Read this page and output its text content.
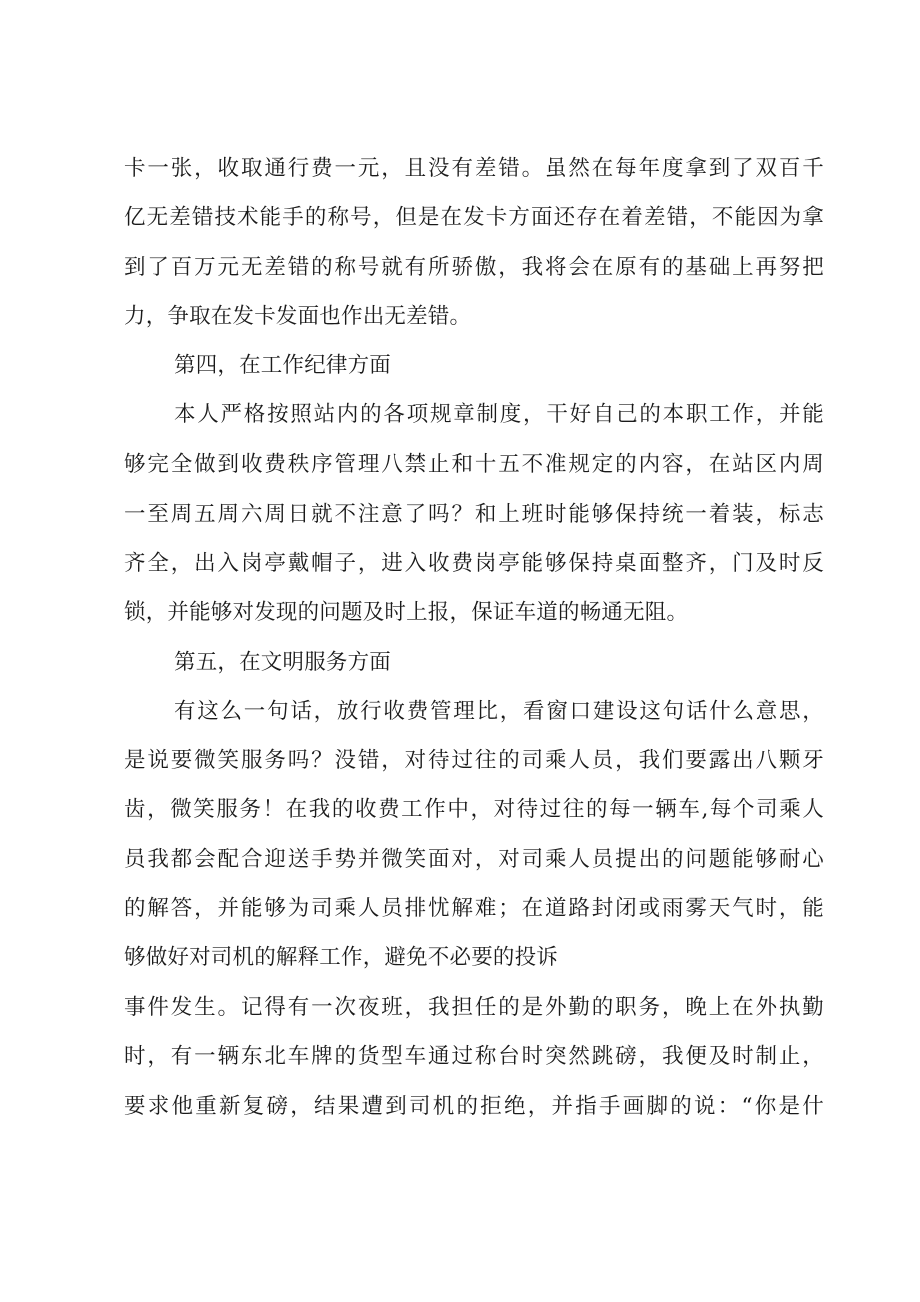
卡一张，收取通行费一元，且没有差错。虽然在每年度拿到了双百千
亿无差错技术能手的称号，但是在发卡方面还存在着差错，不能因为拿
到了百万元无差错的称号就有所骄傲，我将会在原有的基础上再努把
力，争取在发卡发面也作出无差错。
第四，在工作纪律方面
本人严格按照站内的各项规章制度，干好自己的本职工作，并能
够完全做到收费秩序管理八禁止和十五不准规定的内容，在站区内周
一至周五周六周日就不注意了吗？和上班时能够保持统一着装，标志
齐全，出入岗亭戴帽子，进入收费岗亭能够保持桌面整齐，门及时反
锁，并能够对发现的问题及时上报，保证车道的畅通无阻。
第五，在文明服务方面
有这么一句话，放行收费管理比，看窗口建设这句话什么意思，
是说要微笑服务吗？没错，对待过往的司乘人员，我们要露出八颗牙
齿，微笑服务！在我的收费工作中，对待过往的每一辆车,每个司乘人
员我都会配合迎送手势并微笑面对，对司乘人员提出的问题能够耐心
的解答，并能够为司乘人员排忧解难；在道路封闭或雨雾天气时，能
够做好对司机的解释工作，避免不必要的投诉
事件发生。记得有一次夜班，我担任的是外勤的职务，晚上在外执勤
时，有一辆东北车牌的货型车通过称台时突然跳磅，我便及时制止，
要求他重新复磅，结果遭到司机的拒绝，并指手画脚的说：“你是什
